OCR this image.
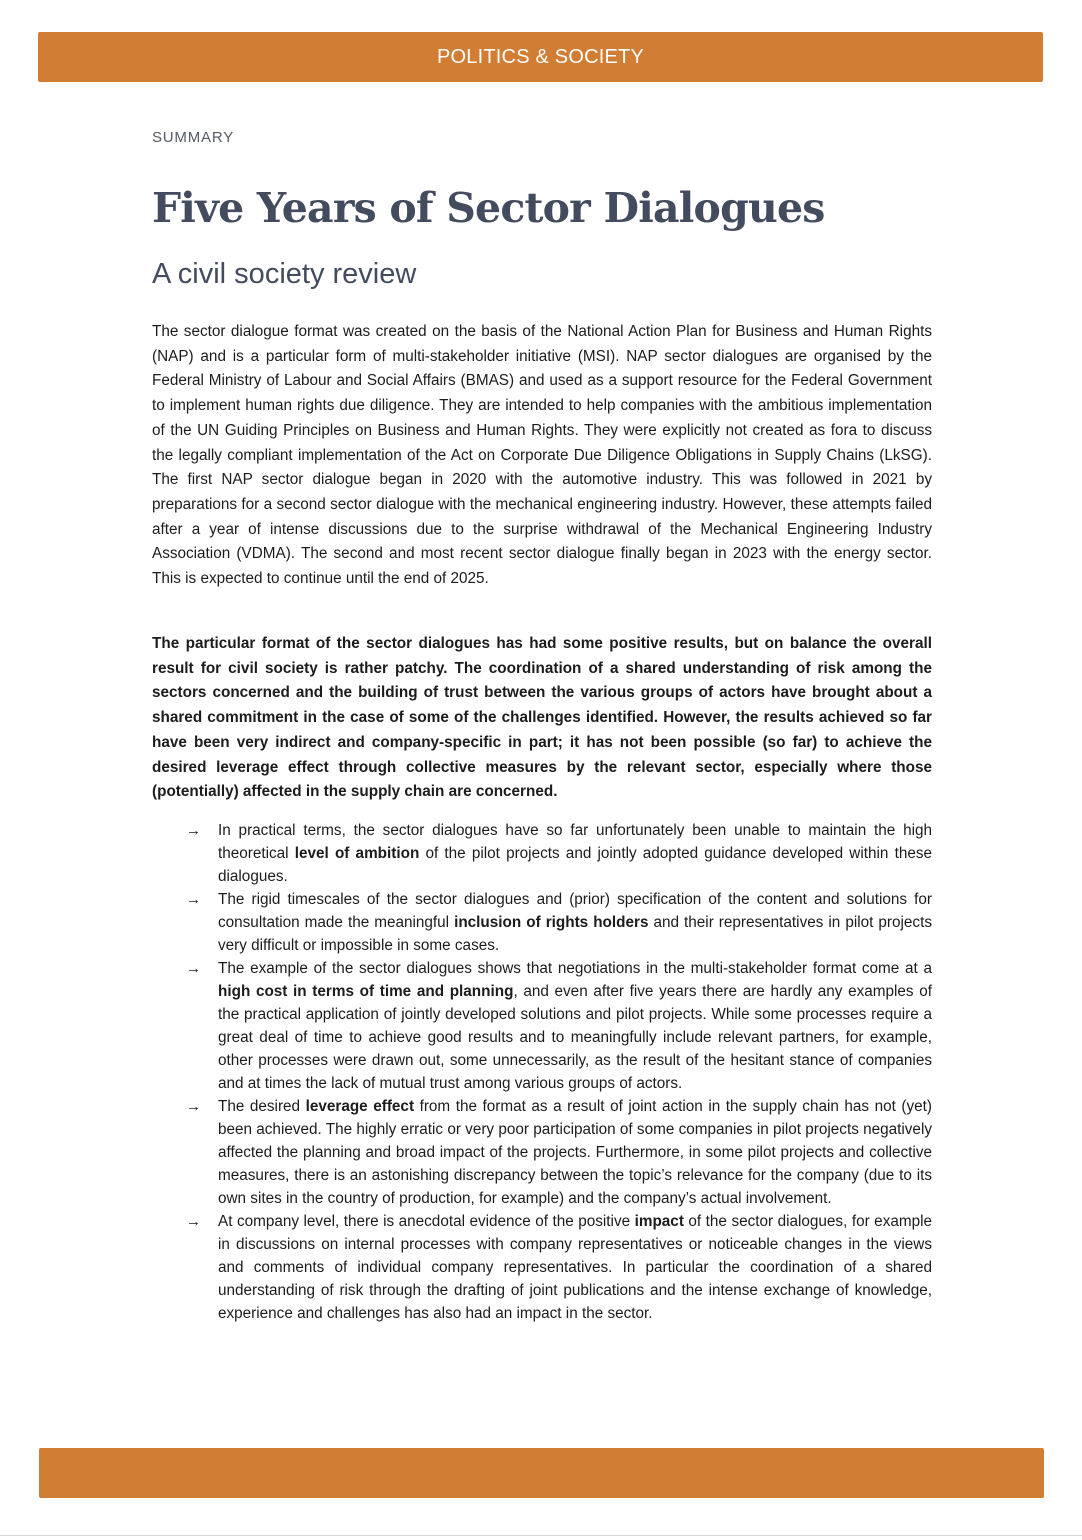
POLITICS & SOCIETY
SUMMARY
Five Years of Sector Dialogues
A civil society review

The sector dialogue format was created on the basis of the National Action Plan for Business and Human Rights (NAP) and is a particular form of multi-stakeholder initiative (MSI). NAP sector dialogues are organised by the Federal Ministry of Labour and Social Affairs (BMAS) and used as a support resource for the Federal Government to implement human rights due diligence. They are intended to help companies with the ambitious implementation of the UN Guiding Principles on Business and Human Rights. They were explicitly not created as fora to discuss the legally compliant implementation of the Act on Corporate Due Diligence Obligations in Supply Chains (LkSG). The first NAP sector dialogue began in 2020 with the automotive industry. This was followed in 2021 by preparations for a second sector dialogue with the mechanical engineering industry. However, these attempts failed after a year of intense discussions due to the surprise withdrawal of the Mechanical Engineering Industry Association (VDMA). The second and most recent sector dialogue finally began in 2023 with the energy sector. This is expected to continue until the end of 2025.

The particular format of the sector dialogues has had some positive results, but on balance the overall result for civil society is rather patchy. The coordination of a shared understanding of risk among the sectors concerned and the building of trust between the various groups of actors have brought about a shared commitment in the case of some of the challenges identified. However, the results achieved so far have been very indirect and company-specific in part; it has not been possible (so far) to achieve the desired leverage effect through collective measures by the relevant sector, especially where those (potentially) affected in the supply chain are concerned.

→ In practical terms, the sector dialogues have so far unfortunately been unable to maintain the high theoretical level of ambition of the pilot projects and jointly adopted guidance developed within these dialogues.
→ The rigid timescales of the sector dialogues and (prior) specification of the content and solutions for consultation made the meaningful inclusion of rights holders and their representatives in pilot projects very difficult or impossible in some cases.
→ The example of the sector dialogues shows that negotiations in the multi-stakeholder format come at a high cost in terms of time and planning, and even after five years there are hardly any examples of the practical application of jointly developed solutions and pilot projects. While some processes require a great deal of time to achieve good results and to meaningfully include relevant partners, for example, other processes were drawn out, some unnecessarily, as the result of the hesitant stance of companies and at times the lack of mutual trust among various groups of actors.
→ The desired leverage effect from the format as a result of joint action in the supply chain has not (yet) been achieved. The highly erratic or very poor participation of some companies in pilot projects negatively affected the planning and broad impact of the projects. Furthermore, in some pilot projects and collective measures, there is an astonishing discrepancy between the topic’s relevance for the company (due to its own sites in the country of production, for example) and the company’s actual involvement.
→ At company level, there is anecdotal evidence of the positive impact of the sector dialogues, for example in discussions on internal processes with company representatives or noticeable changes in the views and comments of individual company representatives. In particular the coordination of a shared understanding of risk through the drafting of joint publications and the intense exchange of knowledge, experience and challenges has also had an impact in the sector.
